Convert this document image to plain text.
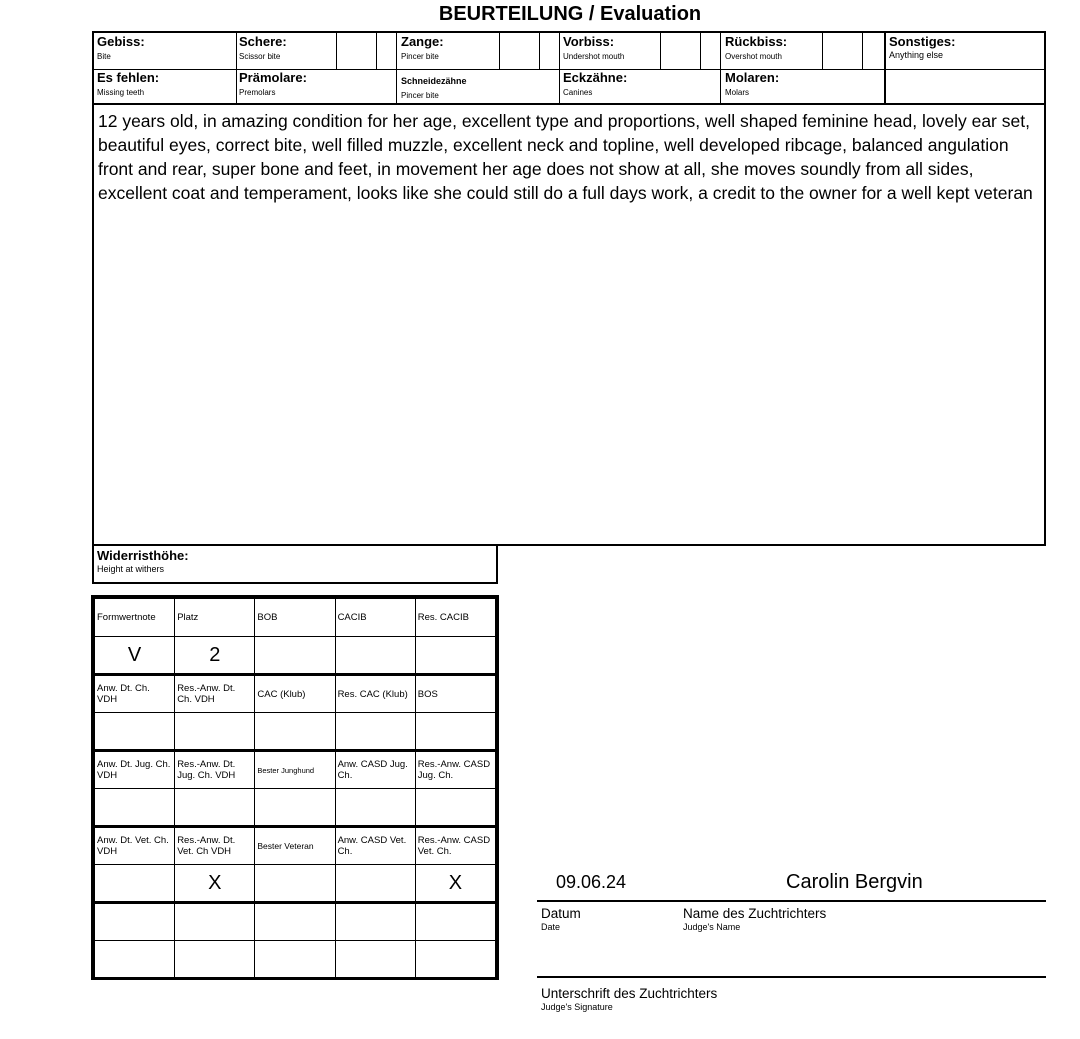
BEURTEILUNG / Evaluation
Gebiss:
Bite
Schere:
Scissor bite
Zange:
Pincer bite
Vorbiss:
Undershot mouth
Rückbiss:
Overshot mouth
Es fehlen:
Missing teeth
Prämolare:
Premolars
Schneidezähne
Pincer bite
Eckzähne:
Canines
Molaren:
Molars
Sonstiges:
Anything else
12 years old, in amazing condition for her age, excellent type and proportions, well shaped feminine head, lovely ear set, beautiful eyes, correct bite, well filled muzzle, excellent neck and topline, well developed ribcage, balanced angulation front and rear, super bone and feet, in movement her age does not show at all, she moves soundly from all sides, excellent coat and temperament, looks like she could still do a full days work, a credit to the owner for a well kept veteran
Widerristhöhe:
Height at withers
Formwertnote	Platz	BOB	CACIB	Res. CACIB
V	2			
Anw. Dt. Ch. VDH	Res.-Anw. Dt. Ch. VDH	CAC (Klub)	Res. CAC (Klub)	BOS

Anw. Dt. Jug. Ch. VDH	Res.-Anw. Dt. Jug. Ch. VDH	Bester Junghund	Anw. CASD Jug. Ch.	Res.-Anw. CASD Jug. Ch.

Anw. Dt. Vet. Ch. VDH	Res.-Anw. Dt. Vet. Ch VDH	Bester Veteran	Anw. CASD Vet. Ch.	Res.-Anw. CASD Vet. Ch.
	X			X

					09.06.24	Carolin Bergvin
Datum
Date
Name des Zuchtrichters
Judge's Name
Unterschrift des Zuchtrichters
Judge's Signature
